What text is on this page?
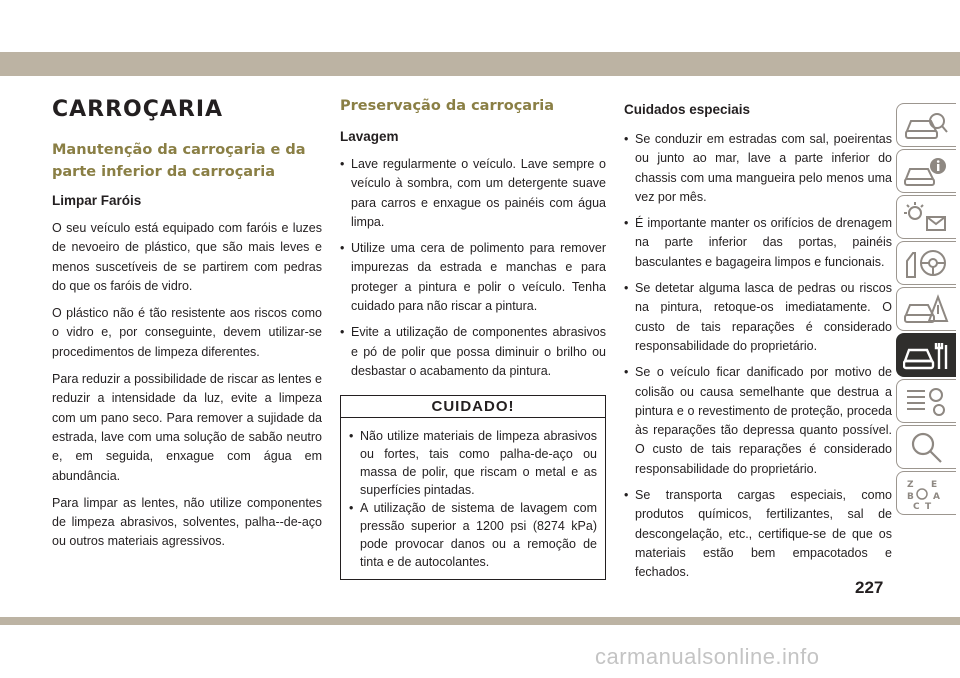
CARROÇARIA
Manutenção da carroçaria e da parte inferior da carroçaria
Limpar Faróis

O seu veículo está equipado com faróis e luzes de nevoeiro de plástico, que são mais leves e menos suscetíveis de se partirem com pedras do que os faróis de vidro.

O plástico não é tão resistente aos riscos como o vidro e, por conseguinte, devem utilizar-se procedimentos de limpeza diferentes.

Para reduzir a possibilidade de riscar as lentes e reduzir a intensidade da luz, evite a limpeza com um pano seco. Para remover a sujidade da estrada, lave com uma solução de sabão neutro e, em seguida, enxague com água em abundância.

Para limpar as lentes, não utilize componentes de limpeza abrasivos, solventes, palha--de-aço ou outros materiais agressivos.

Preservação da carroçaria
Lavagem
• Lave regularmente o veículo. Lave sempre o veículo à sombra, com um detergente suave para carros e enxague os painéis com água limpa.
• Utilize uma cera de polimento para remover impurezas da estrada e manchas e para proteger a pintura e polir o veículo. Tenha cuidado para não riscar a pintura.
• Evite a utilização de componentes abrasivos e pó de polir que possa diminuir o brilho ou desbastar o acabamento da pintura.
CUIDADO!
• Não utilize materiais de limpeza abrasivos ou fortes, tais como palha-de-aço ou massa de polir, que riscam o metal e as superfícies pintadas.
• A utilização de sistema de lavagem com pressão superior a 1200 psi (8274 kPa) pode provocar danos ou a remoção de tinta e de autocolantes.
Cuidados especiais
• Se conduzir em estradas com sal, poeirentas ou junto ao mar, lave a parte inferior do chassis com uma mangueira pelo menos uma vez por mês.
• É importante manter os orifícios de drenagem na parte inferior das portas, painéis basculantes e bagageira limpos e funcionais.
• Se detetar alguma lasca de pedras ou riscos na pintura, retoque-os imediatamente. O custo de tais reparações é considerado responsabilidade do proprietário.
• Se o veículo ficar danificado por motivo de colisão ou causa semelhante que destrua a pintura e o revestimento de proteção, proceda às reparações tão depressa quanto possível. O custo de tais reparações é considerado responsabilidade do proprietário.
• Se transporta cargas especiais, como produtos químicos, fertilizantes, sal de descongelação, etc., certifique-se de que os materiais estão bem empacotados e fechados.
Z E
B A
C T
227
carmanualsonline.info
